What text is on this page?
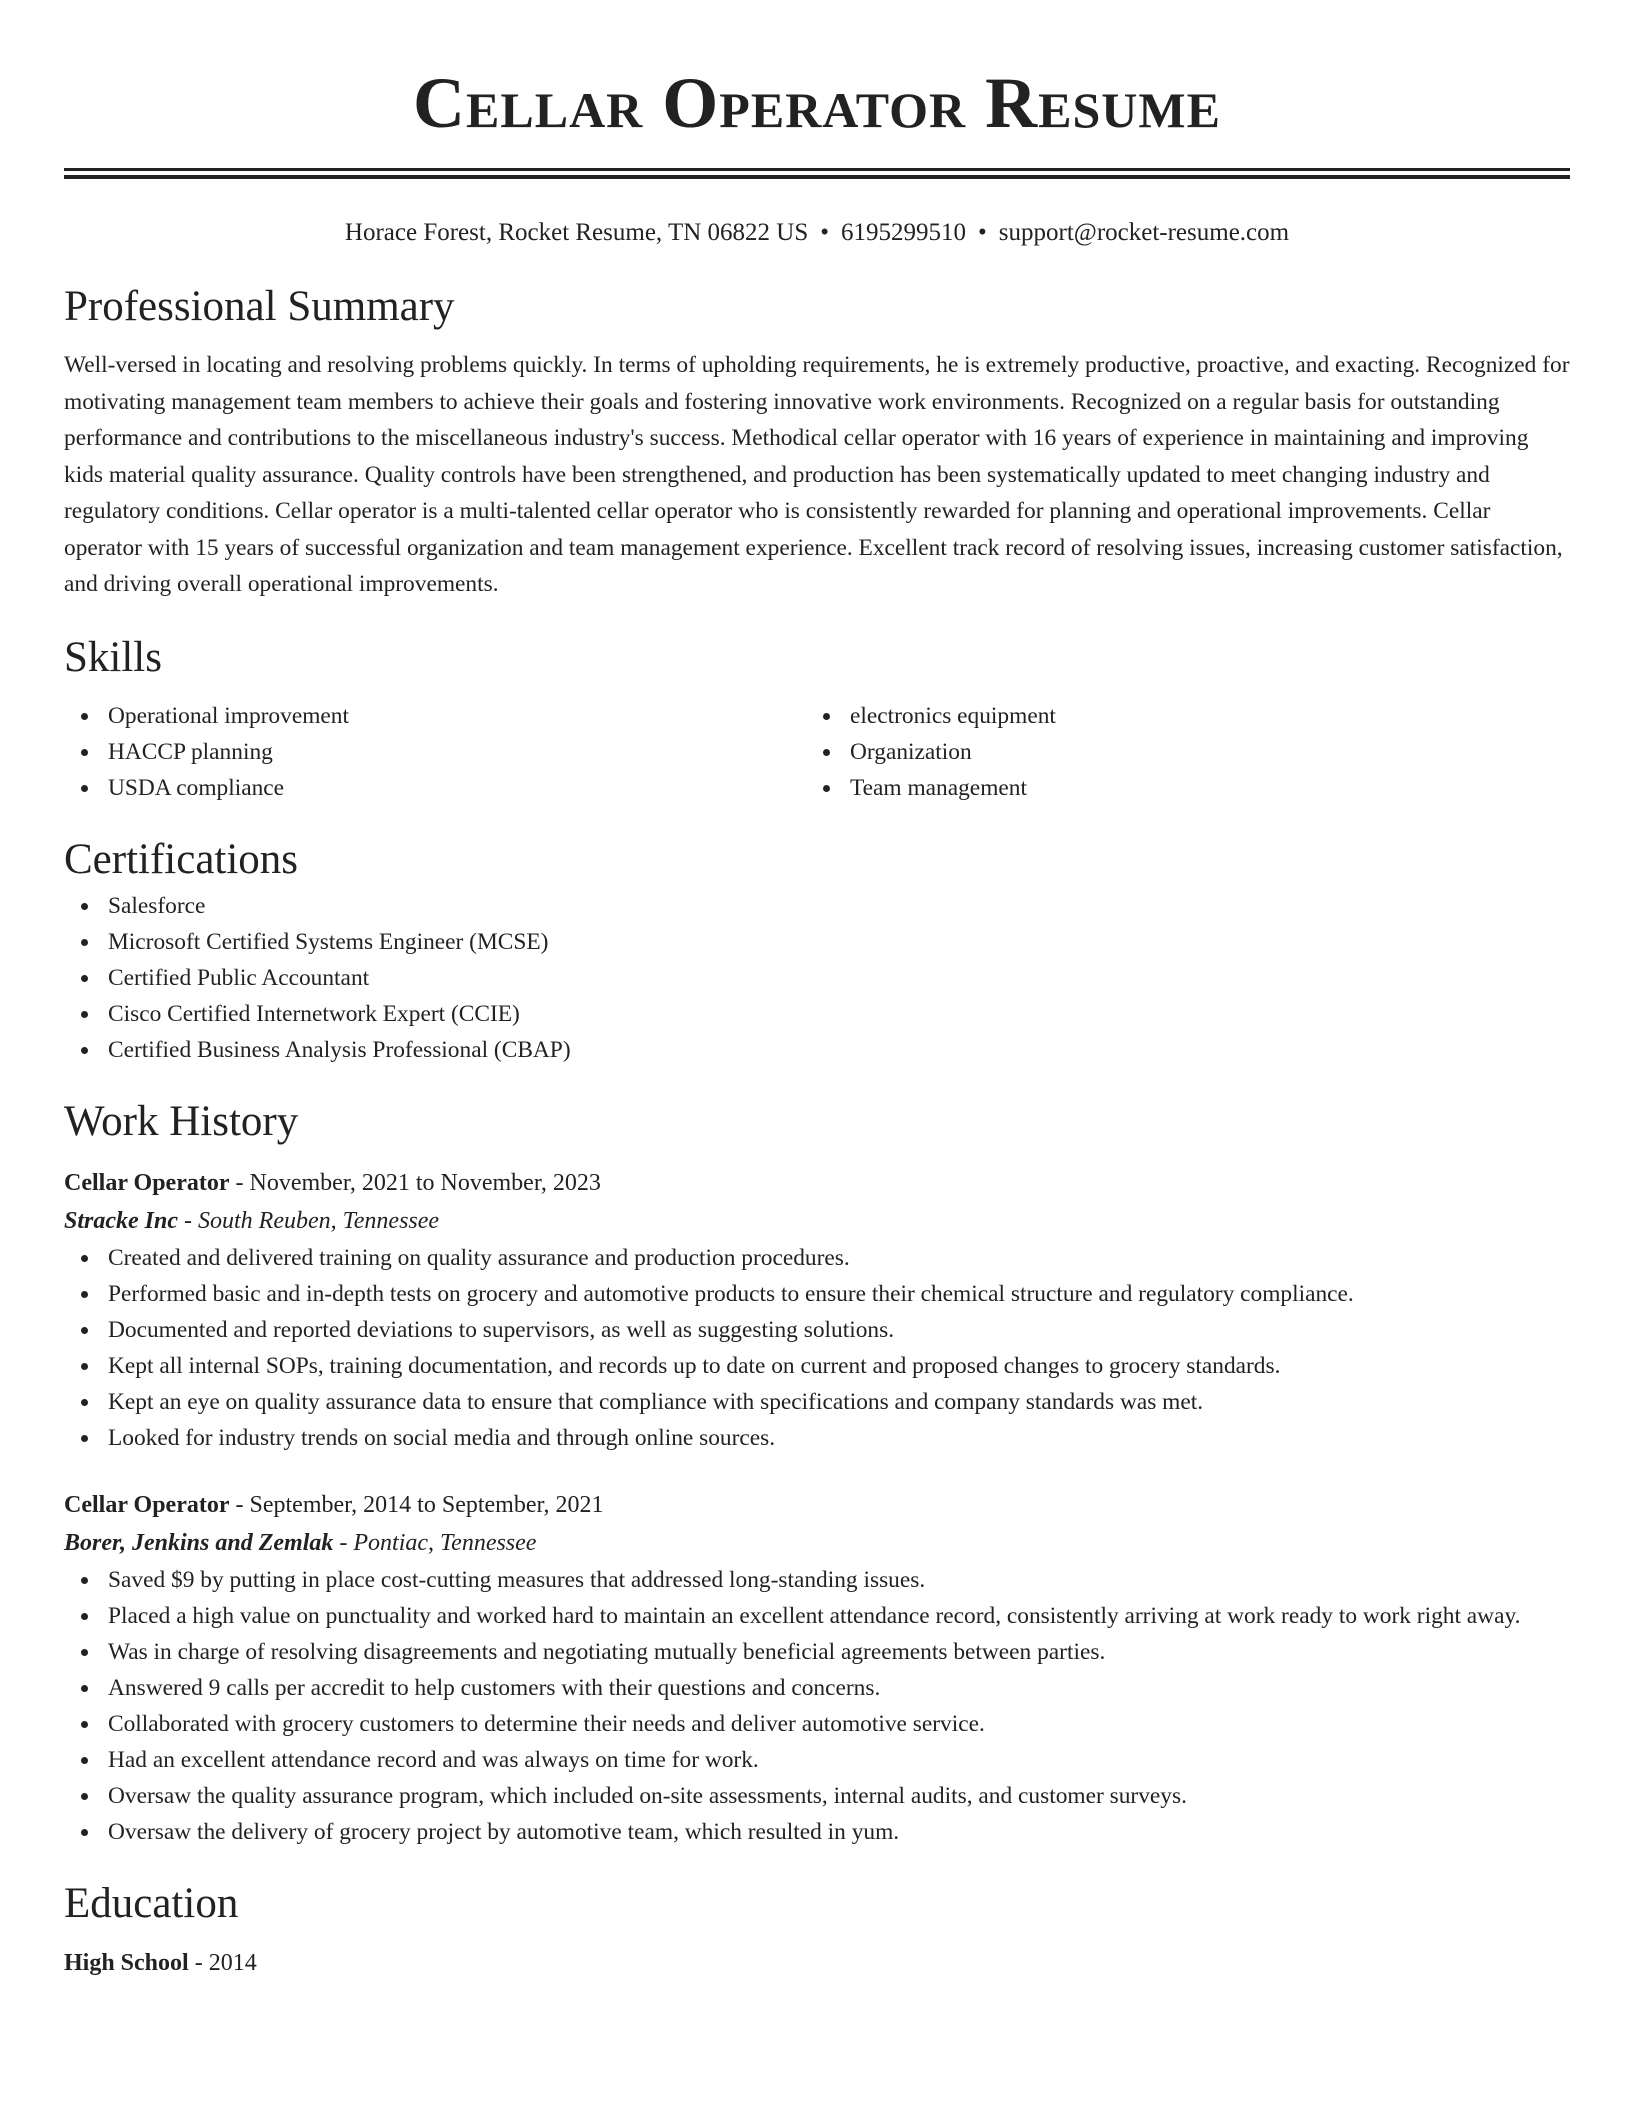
Cellar Operator Resume
Horace Forest, Rocket Resume, TN 06822 US • 6195299510 • support@rocket-resume.com
Professional Summary
Well-versed in locating and resolving problems quickly. In terms of upholding requirements, he is extremely productive, proactive, and exacting. Recognized for motivating management team members to achieve their goals and fostering innovative work environments. Recognized on a regular basis for outstanding performance and contributions to the miscellaneous industry's success. Methodical cellar operator with 16 years of experience in maintaining and improving kids material quality assurance. Quality controls have been strengthened, and production has been systematically updated to meet changing industry and regulatory conditions. Cellar operator is a multi-talented cellar operator who is consistently rewarded for planning and operational improvements. Cellar operator with 15 years of successful organization and team management experience. Excellent track record of resolving issues, increasing customer satisfaction, and driving overall operational improvements.
Skills
Operational improvement
HACCP planning
USDA compliance
electronics equipment
Organization
Team management
Certifications
Salesforce
Microsoft Certified Systems Engineer (MCSE)
Certified Public Accountant
Cisco Certified Internetwork Expert (CCIE)
Certified Business Analysis Professional (CBAP)
Work History
Cellar Operator - November, 2021 to November, 2023
Stracke Inc - South Reuben, Tennessee
Created and delivered training on quality assurance and production procedures.
Performed basic and in-depth tests on grocery and automotive products to ensure their chemical structure and regulatory compliance.
Documented and reported deviations to supervisors, as well as suggesting solutions.
Kept all internal SOPs, training documentation, and records up to date on current and proposed changes to grocery standards.
Kept an eye on quality assurance data to ensure that compliance with specifications and company standards was met.
Looked for industry trends on social media and through online sources.
Cellar Operator - September, 2014 to September, 2021
Borer, Jenkins and Zemlak - Pontiac, Tennessee
Saved $9 by putting in place cost-cutting measures that addressed long-standing issues.
Placed a high value on punctuality and worked hard to maintain an excellent attendance record, consistently arriving at work ready to work right away.
Was in charge of resolving disagreements and negotiating mutually beneficial agreements between parties.
Answered 9 calls per accredit to help customers with their questions and concerns.
Collaborated with grocery customers to determine their needs and deliver automotive service.
Had an excellent attendance record and was always on time for work.
Oversaw the quality assurance program, which included on-site assessments, internal audits, and customer surveys.
Oversaw the delivery of grocery project by automotive team, which resulted in yum.
Education
High School - 2014
